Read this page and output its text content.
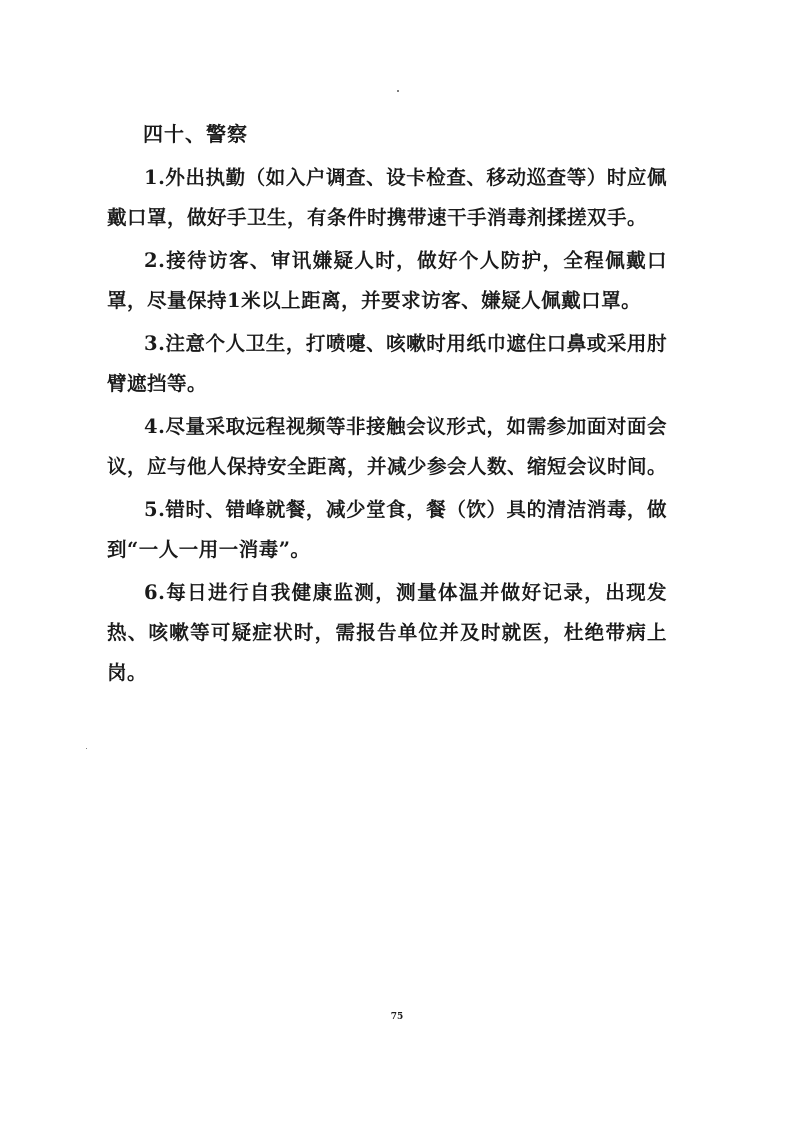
四十、警察

1.外出执勤（如入户调查、设卡检查、移动巡查等）时应佩戴口罩，做好手卫生，有条件时携带速干手消毒剂揉搓双手。

2.接待访客、审讯嫌疑人时，做好个人防护，全程佩戴口罩，尽量保持1米以上距离，并要求访客、嫌疑人佩戴口罩。

3.注意个人卫生，打喷嚏、咳嗽时用纸巾遮住口鼻或采用肘臂遮挡等。

4.尽量采取远程视频等非接触会议形式，如需参加面对面会议，应与他人保持安全距离，并减少参会人数、缩短会议时间。

5.错时、错峰就餐，减少堂食，餐（饮）具的清洁消毒，做到“一人一用一消毒”。

6.每日进行自我健康监测，测量体温并做好记录，出现发热、咳嗽等可疑症状时，需报告单位并及时就医，杜绝带病上岗。

75
